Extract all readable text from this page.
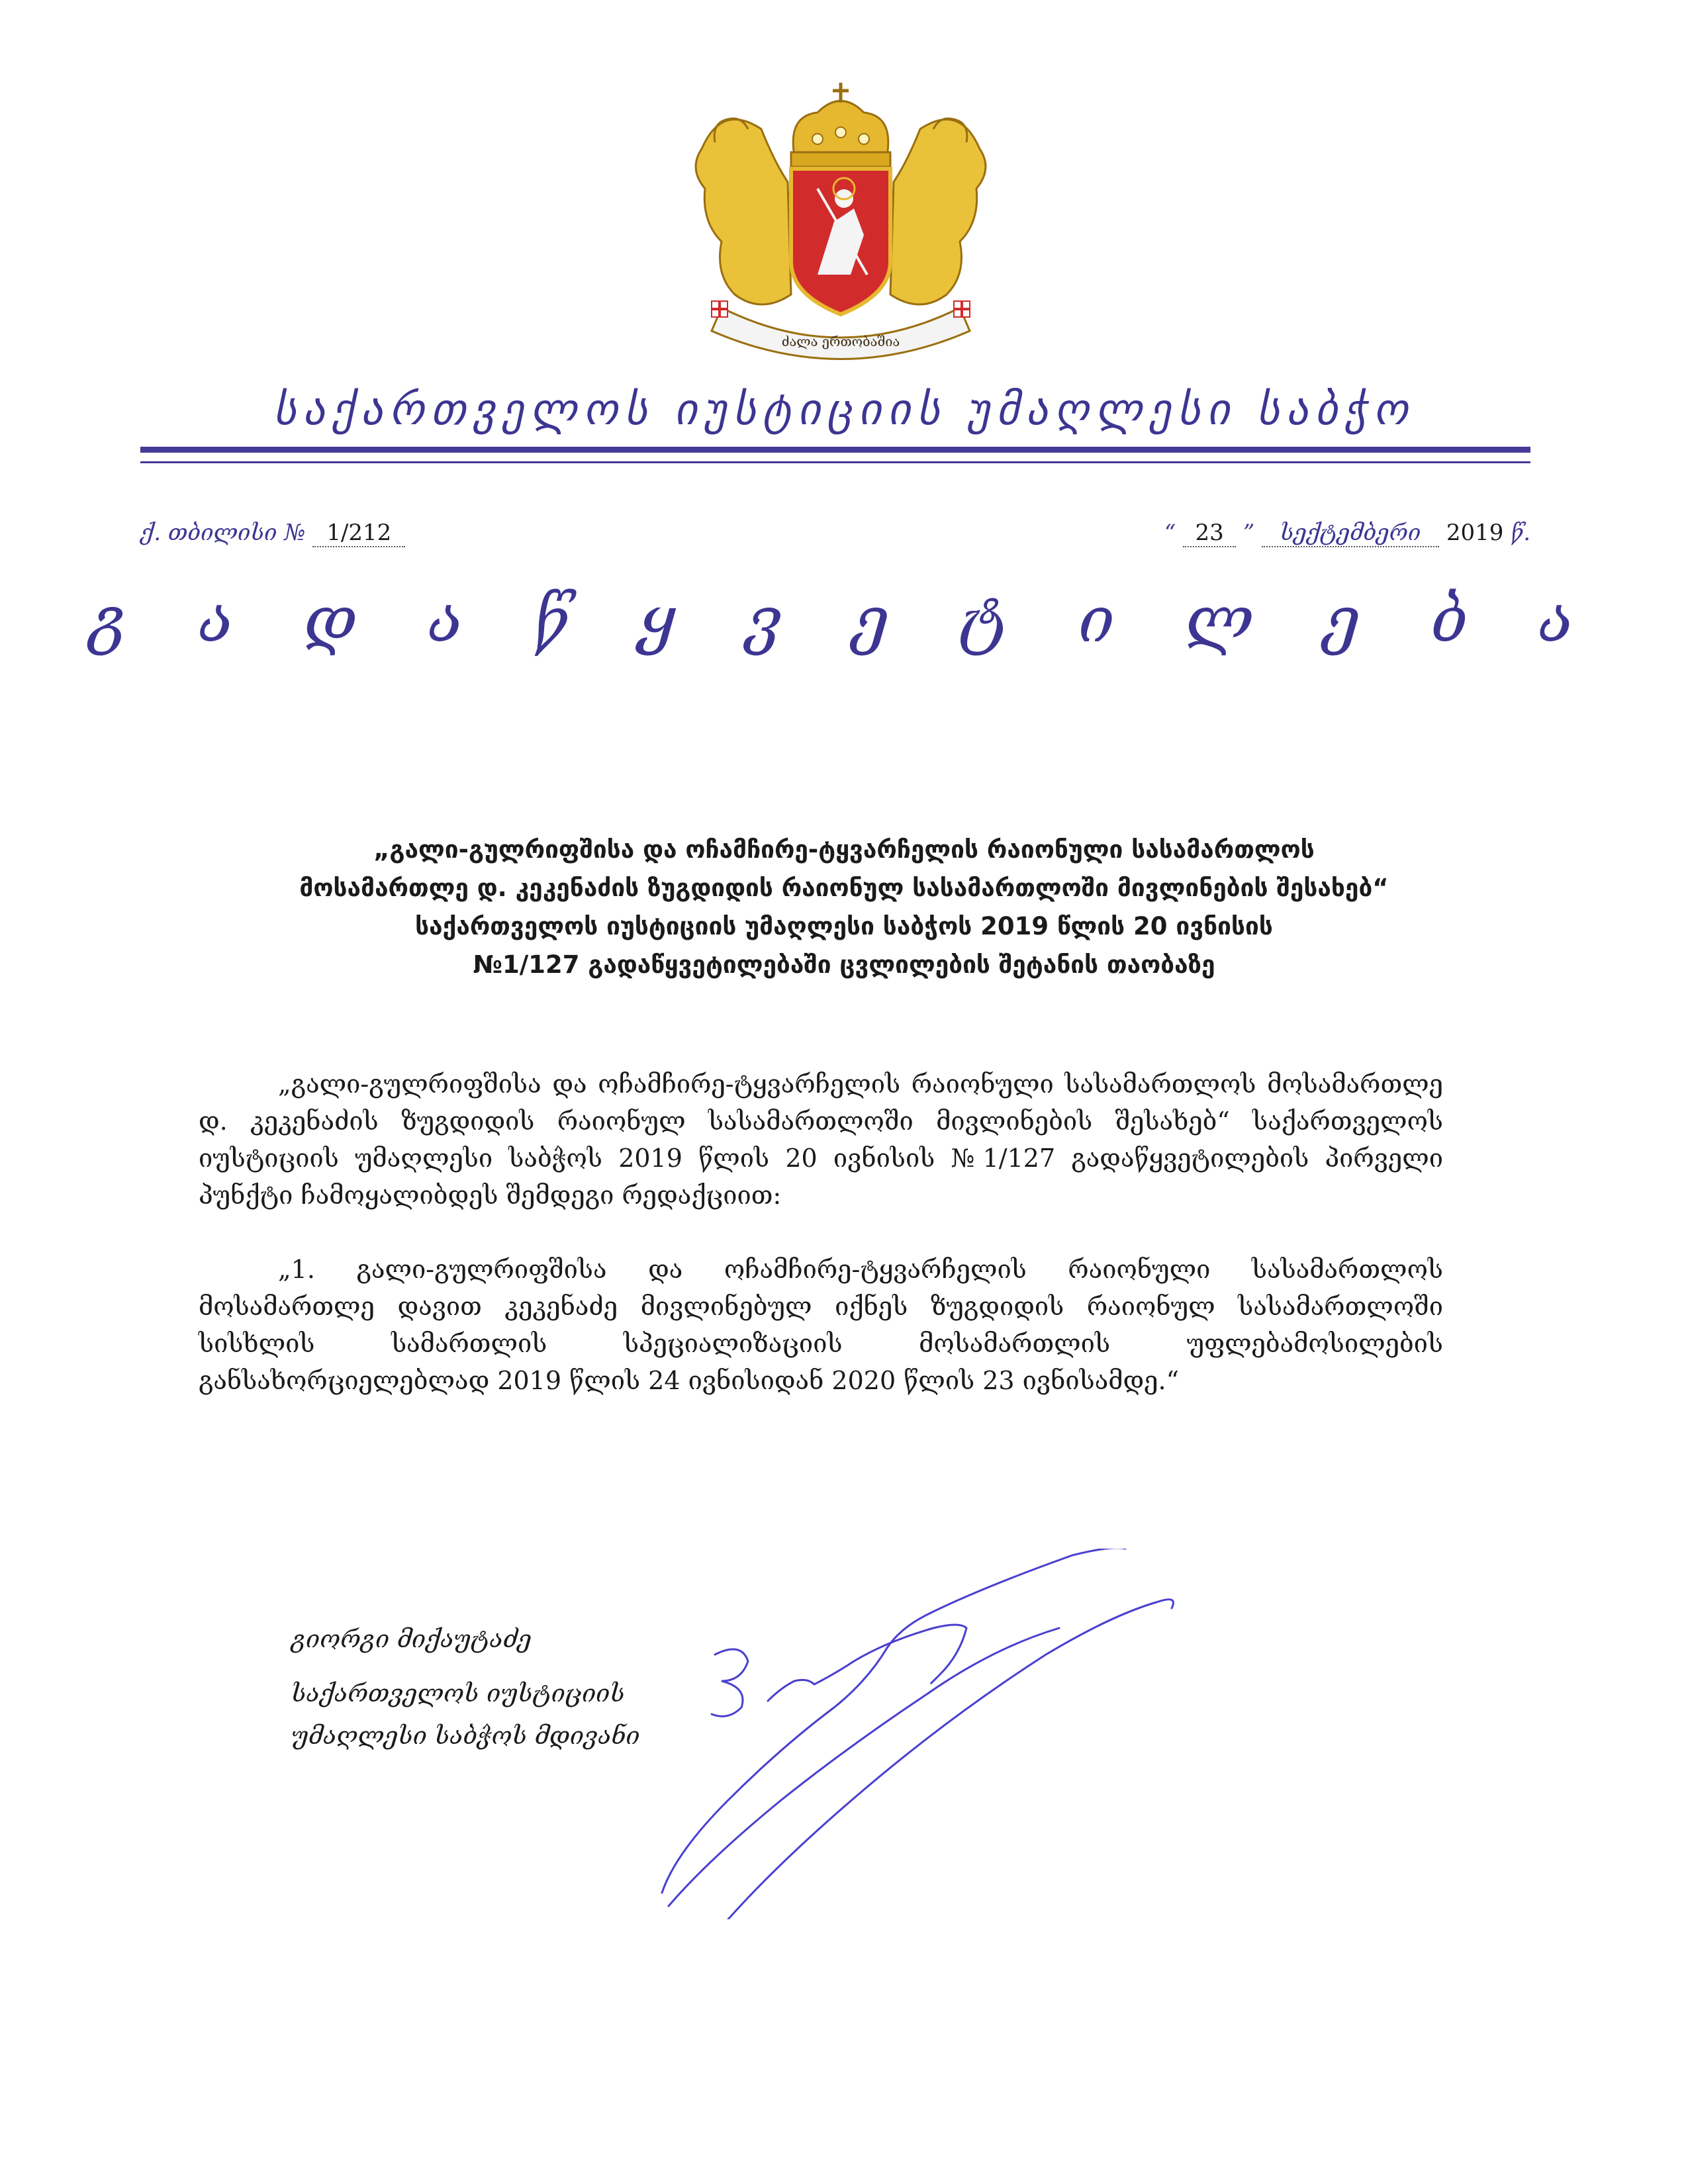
ძალა ერთობაშია
საქართველოს იუსტიციის უმაღლესი საბჭო
ქ. თბილისი № 1/212	“ 23 ” სექტემბერი 2019 წ.
გ ა დ ა წ ყ ვ ე ტ ი ლ ე ბ ა
„გალი-გულრიფშისა და ოჩამჩირე-ტყვარჩელის რაიონული სასამართლოს
მოსამართლე დ. კეკენაძის ზუგდიდის რაიონულ სასამართლოში მივლინების შესახებ“
საქართველოს იუსტიციის უმაღლესი საბჭოს 2019 წლის 20 ივნისის
№1/127 გადაწყვეტილებაში ცვლილების შეტანის თაობაზე
„გალი-გულრიფშისა და ოჩამჩირე-ტყვარჩელის რაიონული სასამართლოს მოსამართლე დ. კეკენაძის ზუგდიდის რაიონულ სასამართლოში მივლინების შესახებ“ საქართველოს იუსტიციის უმაღლესი საბჭოს 2019 წლის 20 ივნისის №1/127 გადაწყვეტილების პირველი პუნქტი ჩამოყალიბდეს შემდეგი რედაქციით:
„1. გალი-გულრიფშისა და ოჩამჩირე-ტყვარჩელის რაიონული სასამართლოს მოსამართლე დავით კეკენაძე მივლინებულ იქნეს ზუგდიდის რაიონულ სასამართლოში სისხლის სამართლის სპეციალიზაციის მოსამართლის უფლებამოსილების განსახორციელებლად 2019 წლის 24 ივნისიდან 2020 წლის 23 ივნისამდე.“
გიორგი მიქაუტაძე
საქართველოს იუსტიციის
უმაღლესი საბჭოს მდივანი
